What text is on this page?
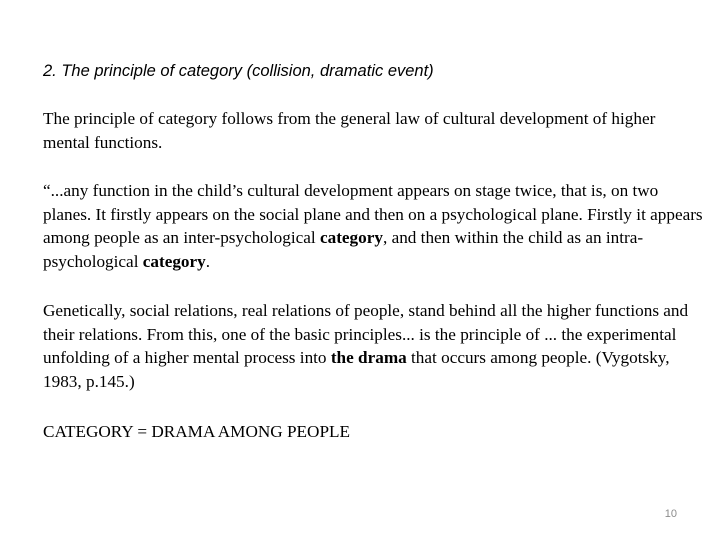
2. The principle of category (collision, dramatic event)

The principle of category follows from the general law of cultural development of higher mental functions.

“...any function in the child’s cultural development appears on stage twice, that is, on two planes. It firstly appears on the social plane and then on a psychological plane. Firstly it appears among people as an inter-psychological category, and then within the child as an intra-psychological category.

Genetically, social relations, real relations of people, stand behind all the higher functions and their relations. From this, one of the basic principles... is the principle of ... the experimental unfolding of a higher mental process into the drama that occurs among people. (Vygotsky, 1983, p.145.)

CATEGORY = DRAMA AMONG PEOPLE

10
